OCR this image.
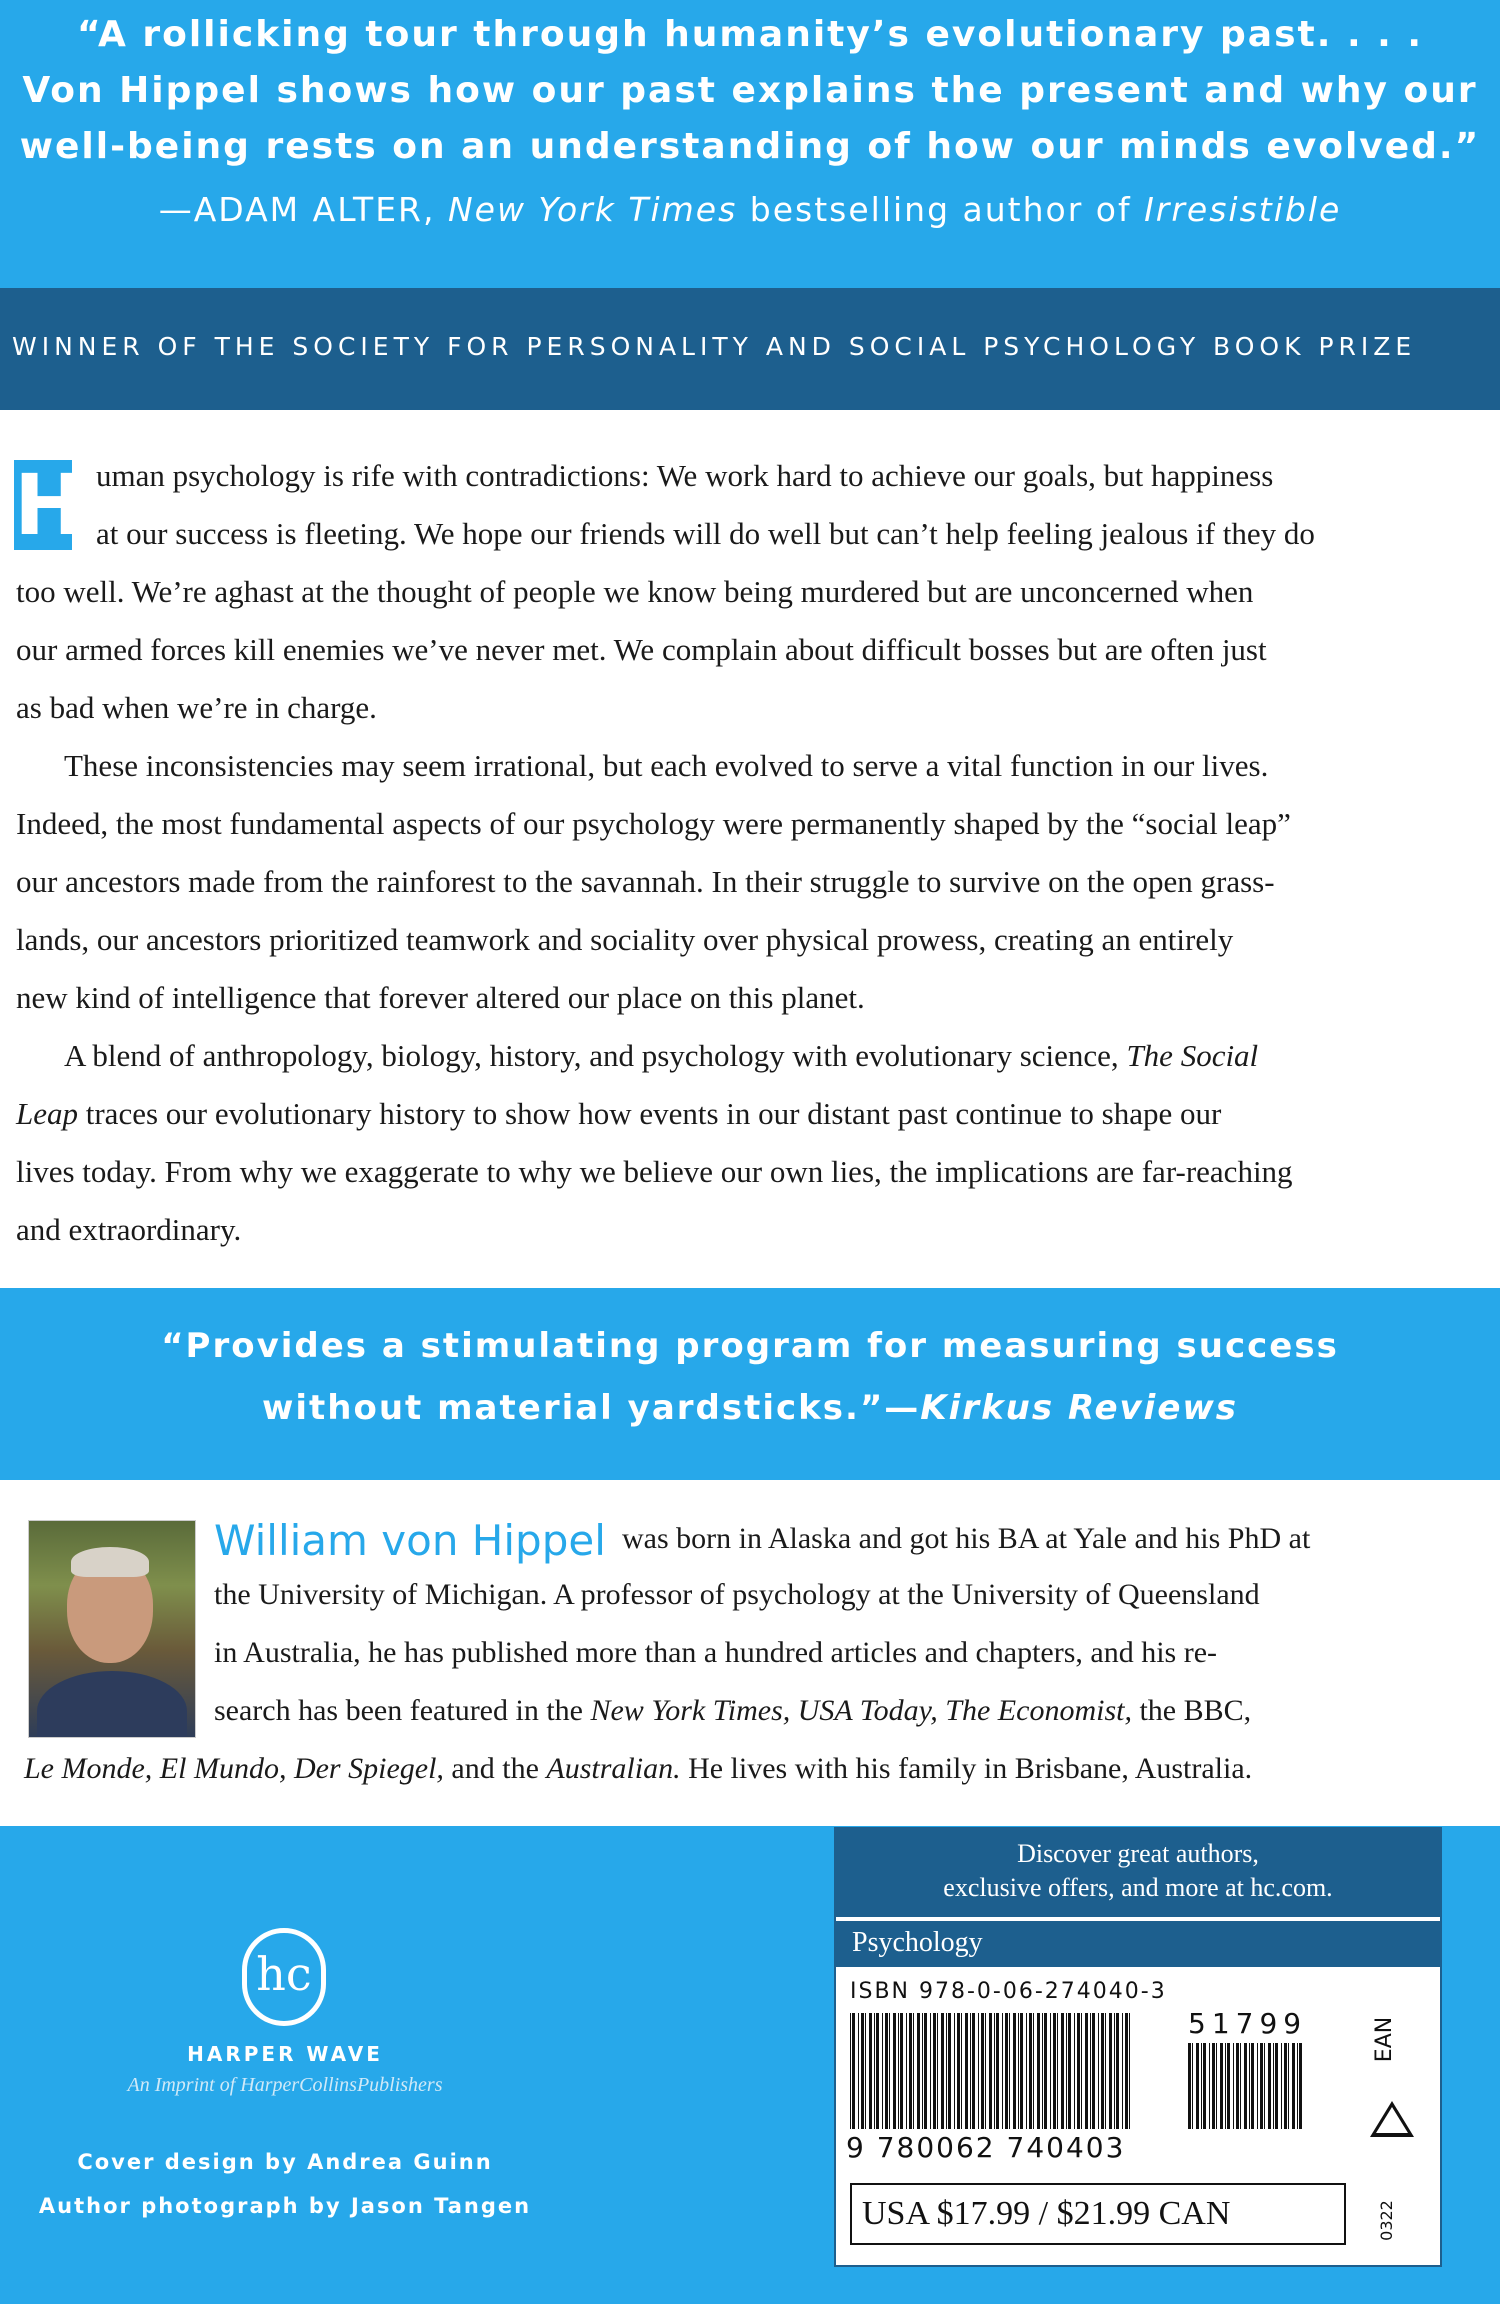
“A rollicking tour through humanity’s evolutionary past. . . .
Von Hippel shows how our past explains the present and why our
well-being rests on an understanding of how our minds evolved.”
—ADAM ALTER, New York Times bestselling author of Irresistible
WINNER OF THE SOCIETY FOR PERSONALITY AND SOCIAL PSYCHOLOGY BOOK PRIZE
H uman psychology is rife with contradictions: We work hard to achieve our goals, but happiness
at our success is fleeting. We hope our friends will do well but can’t help feeling jealous if they do
too well. We’re aghast at the thought of people we know being murdered but are unconcerned when
our armed forces kill enemies we’ve never met. We complain about difficult bosses but are often just
as bad when we’re in charge.
These inconsistencies may seem irrational, but each evolved to serve a vital function in our lives.
Indeed, the most fundamental aspects of our psychology were permanently shaped by the “social leap”
our ancestors made from the rainforest to the savannah. In their struggle to survive on the open grass-
lands, our ancestors prioritized teamwork and sociality over physical prowess, creating an entirely
new kind of intelligence that forever altered our place on this planet.
A blend of anthropology, biology, history, and psychology with evolutionary science, The Social
Leap traces our evolutionary history to show how events in our distant past continue to shape our
lives today. From why we exaggerate to why we believe our own lies, the implications are far-reaching
and extraordinary.
“Provides a stimulating program for measuring success
without material yardsticks.”—Kirkus Reviews
William von Hippel was born in Alaska and got his BA at Yale and his PhD at
the University of Michigan. A professor of psychology at the University of Queensland
in Australia, he has published more than a hundred articles and chapters, and his re-
search has been featured in the New York Times, USA Today, The Economist, the BBC,
Le Monde, El Mundo, Der Spiegel, and the Australian. He lives with his family in Brisbane, Australia.
hc
HARPER WAVE
An Imprint of HarperCollinsPublishers
Cover design by Andrea Guinn
Author photograph by Jason Tangen
Discover great authors,
exclusive offers, and more at hc.com.
Psychology
ISBN 978-0-06-274040-3
51799
9 780062 740403
EAN
USA $17.99 / $21.99 CAN	0322
